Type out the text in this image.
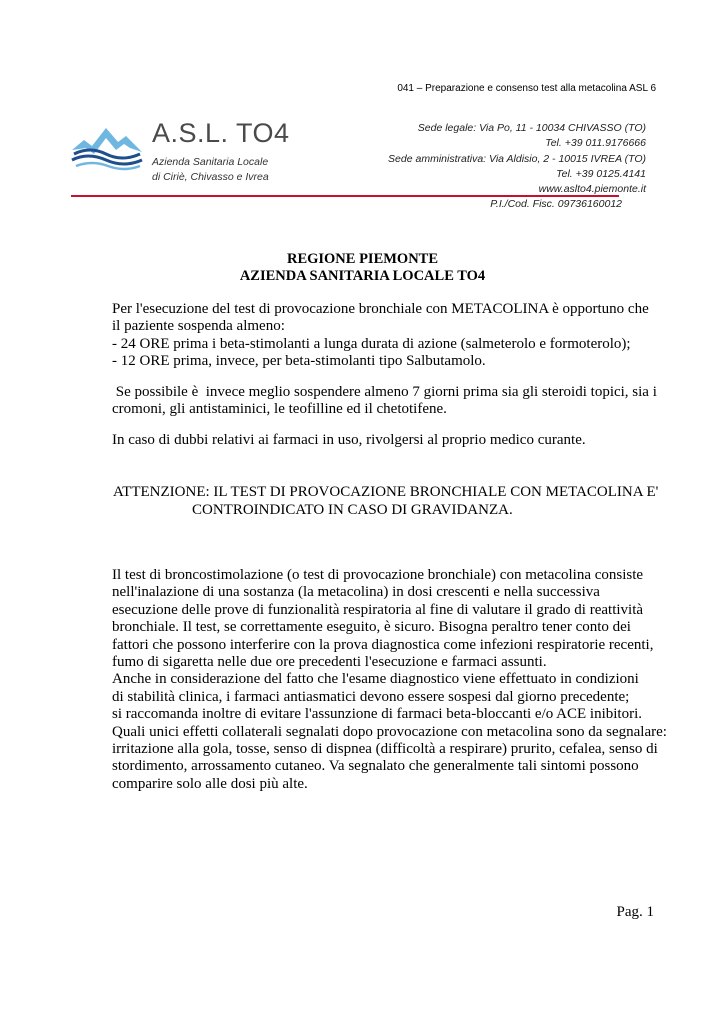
041 – Preparazione e consenso test alla metacolina ASL 6
A.S.L. TO4
Azienda Sanitaria Locale
di Ciriè, Chivasso e Ivrea
Sede legale: Via Po, 11 - 10034 CHIVASSO (TO)
Tel. +39 011.9176666
Sede amministrativa: Via Aldisio, 2 - 10015 IVREA (TO)
Tel. +39 0125.4141
www.aslto4.piemonte.it
P.I./Cod. Fisc. 09736160012
REGIONE PIEMONTE
AZIENDA SANITARIA LOCALE TO4
Per l'esecuzione del test di provocazione bronchiale con METACOLINA è opportuno che
il paziente sospenda almeno:
- 24 ORE prima i beta-stimolanti a lunga durata di azione (salmeterolo e formoterolo);
- 12 ORE prima, invece, per beta-stimolanti tipo Salbutamolo.
Se possibile è  invece meglio sospendere almeno 7 giorni prima sia gli steroidi topici, sia i
cromoni, gli antistaminici, le teofilline ed il chetotifene.
In caso di dubbi relativi ai farmaci in uso, rivolgersi al proprio medico curante.
ATTENZIONE: IL TEST DI PROVOCAZIONE BRONCHIALE CON METACOLINA E'
CONTROINDICATO IN CASO DI GRAVIDANZA.
Il test di broncostimolazione (o test di provocazione bronchiale) con metacolina consiste
nell'inalazione di una sostanza (la metacolina) in dosi crescenti e nella successiva
esecuzione delle prove di funzionalità respiratoria al fine di valutare il grado di reattività
bronchiale. Il test, se correttamente eseguito, è sicuro. Bisogna peraltro tener conto dei
fattori che possono interferire con la prova diagnostica come infezioni respiratorie recenti,
fumo di sigaretta nelle due ore precedenti l'esecuzione e farmaci assunti.
Anche in considerazione del fatto che l'esame diagnostico viene effettuato in condizioni
di stabilità clinica, i farmaci antiasmatici devono essere sospesi dal giorno precedente;
si raccomanda inoltre di evitare l'assunzione di farmaci beta-bloccanti e/o ACE inibitori.
Quali unici effetti collaterali segnalati dopo provocazione con metacolina sono da segnalare:
irritazione alla gola, tosse, senso di dispnea (difficoltà a respirare) prurito, cefalea, senso di
stordimento, arrossamento cutaneo. Va segnalato che generalmente tali sintomi possono
comparire solo alle dosi più alte.
Pag. 1
